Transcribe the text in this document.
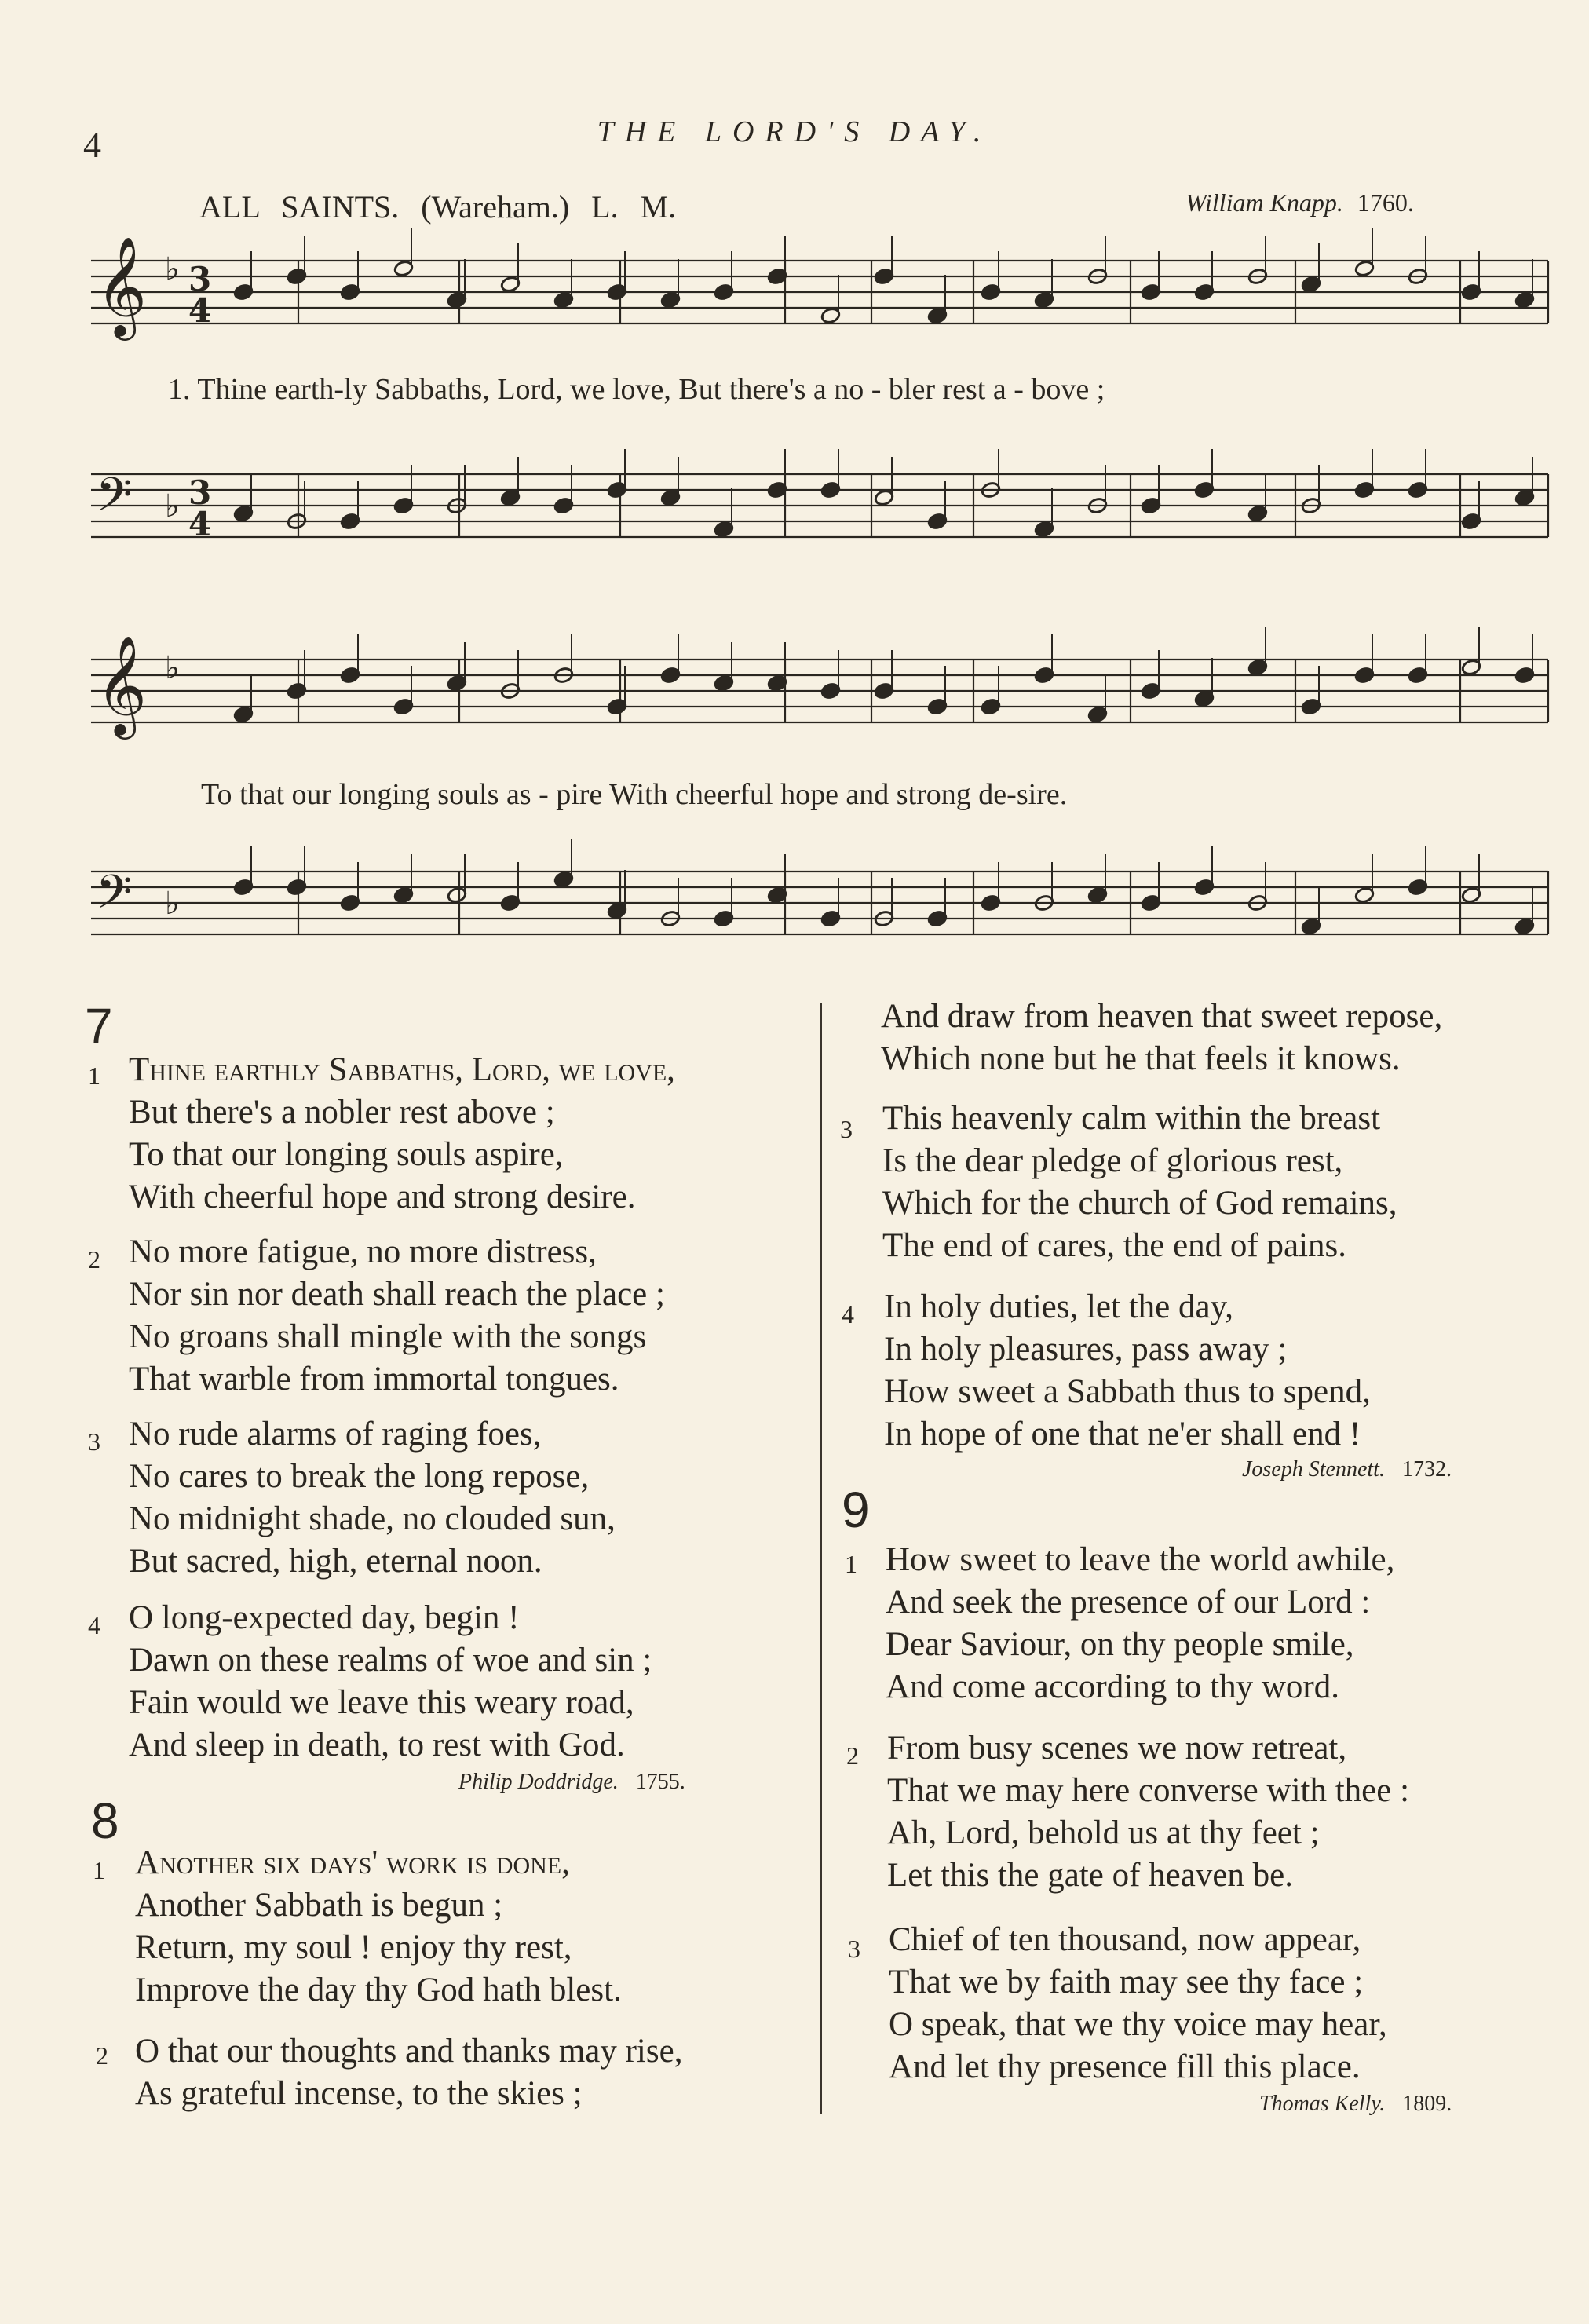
4	THE LORD'S DAY.
ALL SAINTS. (Wareham.) L. M.	William Knapp. 1760.
𝄞 ♭ 3
4
𝄢 ♭ 3
4
𝄞 ♭
𝄢 ♭
1. Thine earth-ly Sabbaths, Lord, we love, But there's a no - bler rest a - bove ;
To that our longing souls as - pire With cheerful hope and strong de-sire.
7
1 Thine earthly Sabbaths, Lord, we love,
But there's a nobler rest above ;
To that our longing souls aspire,
With cheerful hope and strong desire.
2 No more fatigue, no more distress,
Nor sin nor death shall reach the place ;
No groans shall mingle with the songs
That warble from immortal tongues.
3 No rude alarms of raging foes,
No cares to break the long repose,
No midnight shade, no clouded sun,
But sacred, high, eternal noon.
4 O long-expected day, begin !
Dawn on these realms of woe and sin ;
Fain would we leave this weary road,
And sleep in death, to rest with God.
Philip Doddridge. 1755.
8
1 Another six days' work is done,
Another Sabbath is begun ;
Return, my soul ! enjoy thy rest,
Improve the day thy God hath blest.
2 O that our thoughts and thanks may rise,
As grateful incense, to the skies ;
And draw from heaven that sweet repose,
Which none but he that feels it knows.
3 This heavenly calm within the breast
Is the dear pledge of glorious rest,
Which for the church of God remains,
The end of cares, the end of pains.
4 In holy duties, let the day,
In holy pleasures, pass away ;
How sweet a Sabbath thus to spend,
In hope of one that ne'er shall end !
Joseph Stennett. 1732.
9
1 How sweet to leave the world awhile,
And seek the presence of our Lord :
Dear Saviour, on thy people smile,
And come according to thy word.
2 From busy scenes we now retreat,
That we may here converse with thee :
Ah, Lord, behold us at thy feet ;
Let this the gate of heaven be.
3 Chief of ten thousand, now appear,
That we by faith may see thy face ;
O speak, that we thy voice may hear,
And let thy presence fill this place.
Thomas Kelly. 1809.
